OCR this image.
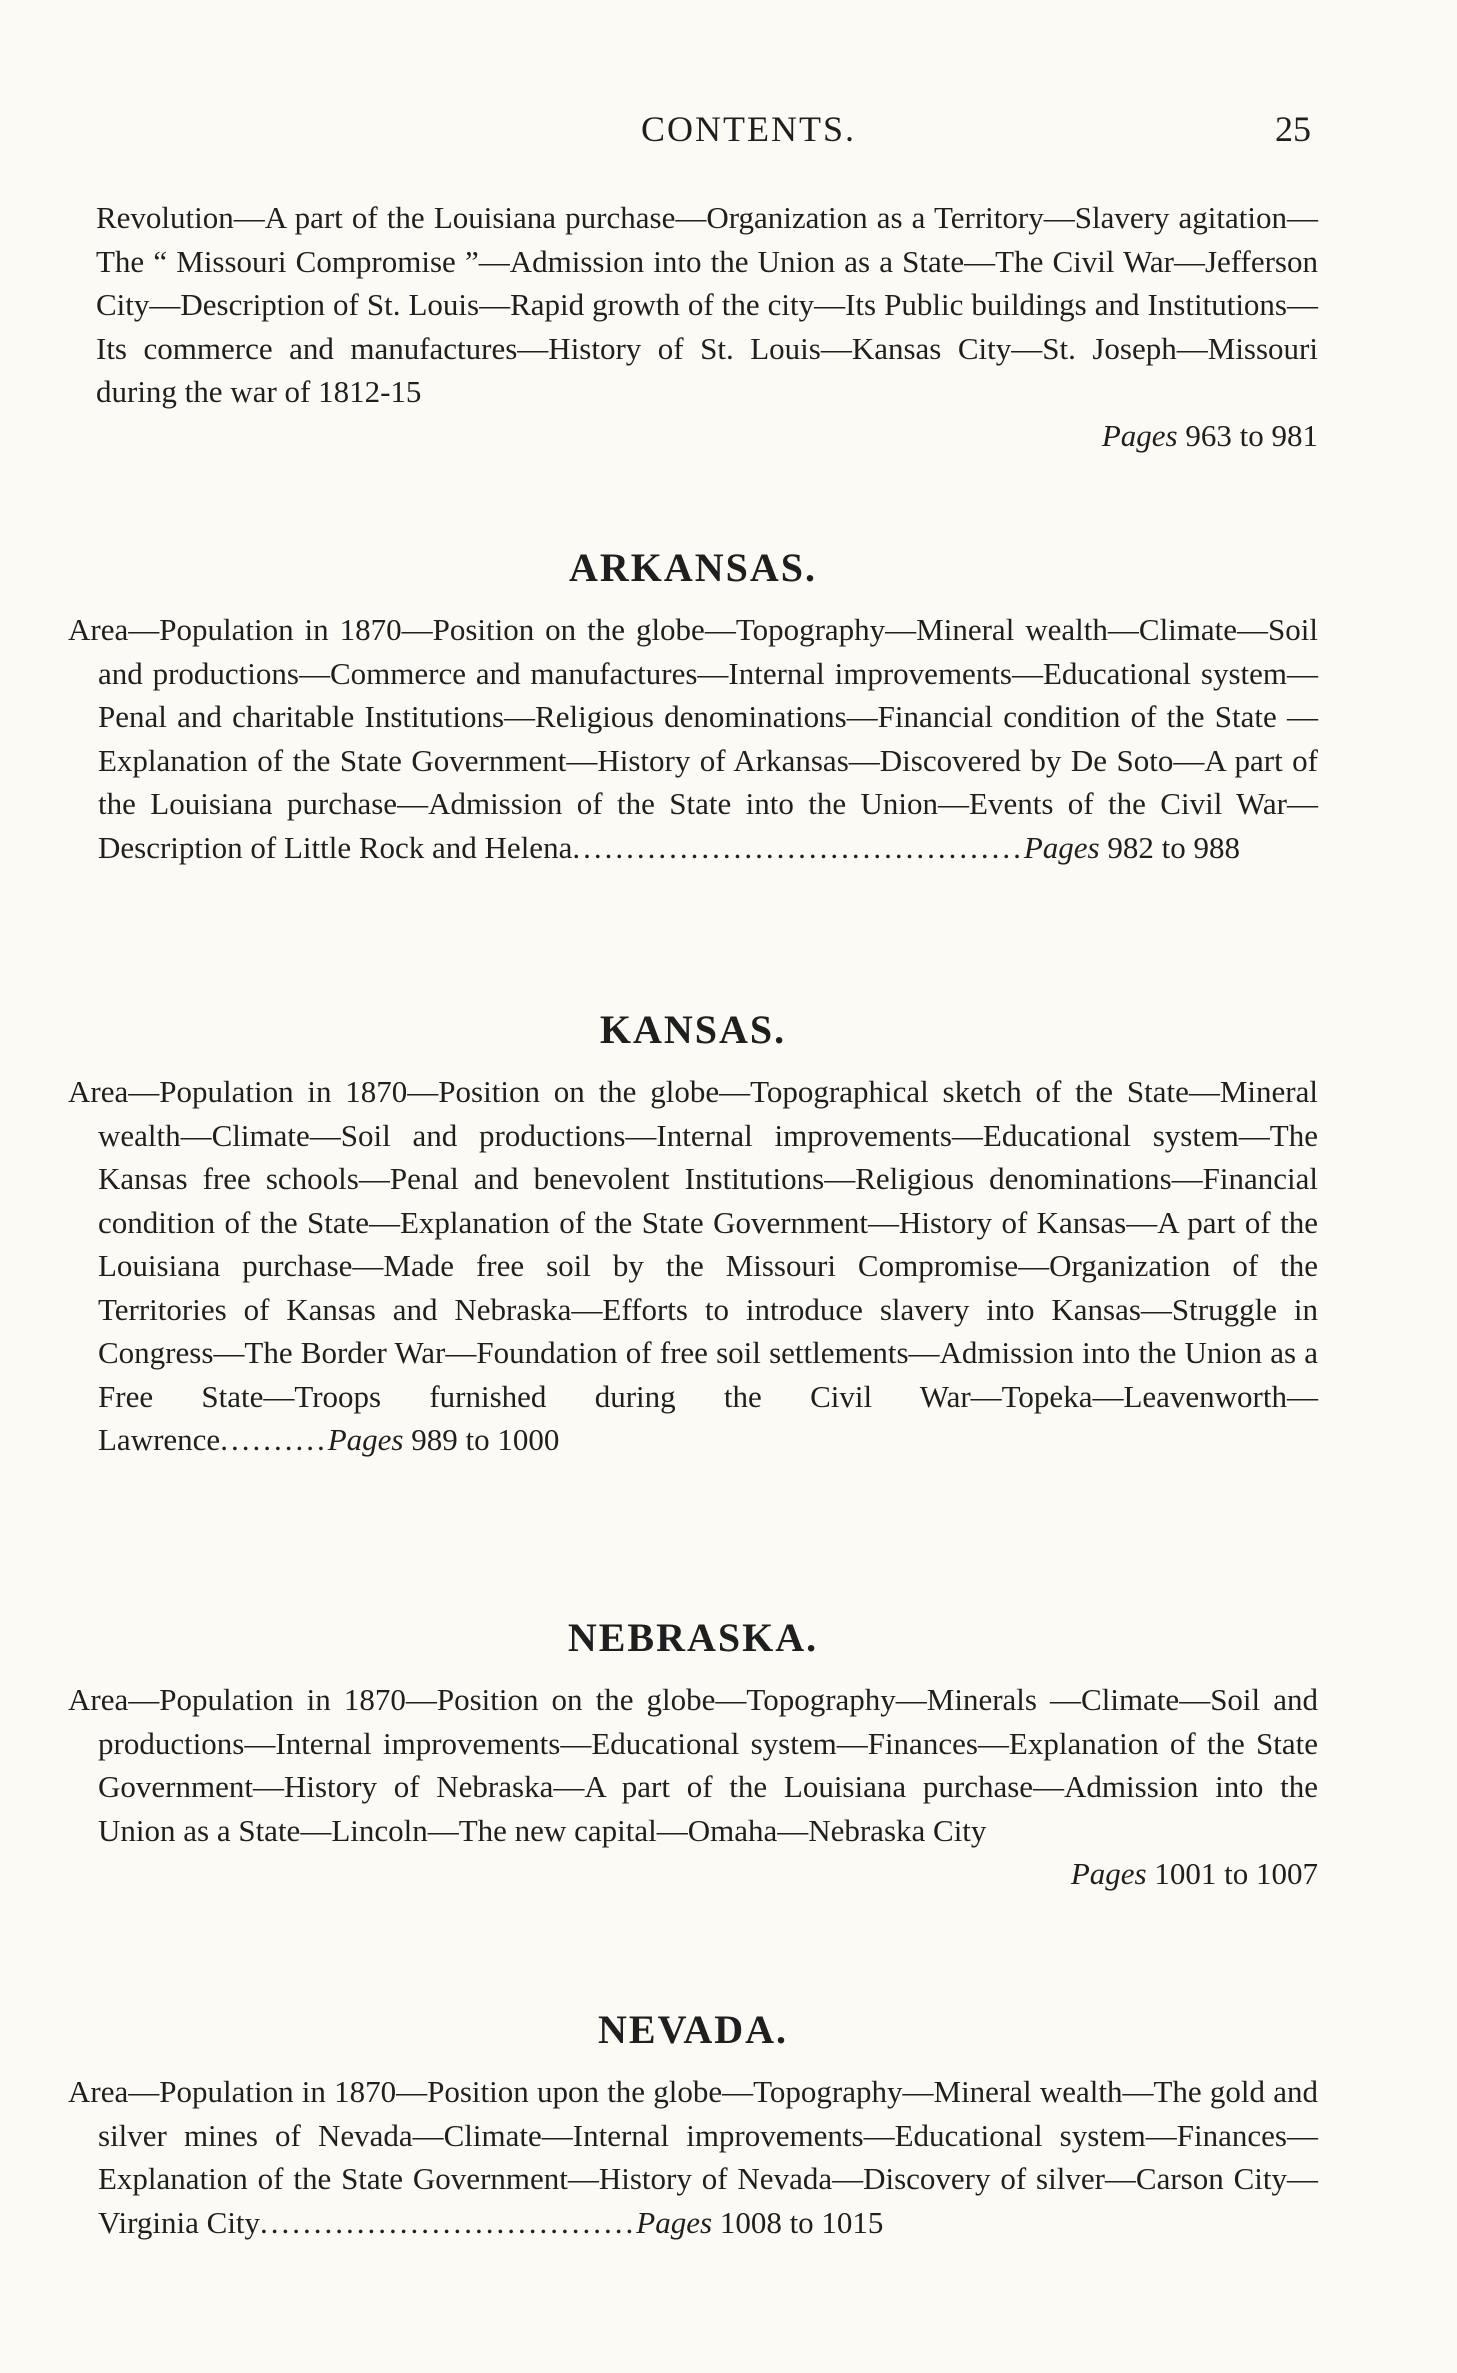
CONTENTS.	25

Revolution—A part of the Louisiana purchase—Organization as a Territory—Slavery agitation—The “ Missouri Compromise ”—Admission into the Union as a State—The Civil War—Jefferson City—Description of St. Louis—Rapid growth of the city—Its Public buildings and Institutions—Its commerce and manufactures—History of St. Louis—Kansas City—St. Joseph—Missouri during the war of 1812-15

Pages 963 to 981

ARKANSAS.

Area—Population in 1870—Position on the globe—Topography—Mineral wealth—Climate—Soil and productions—Commerce and manufactures—Internal improvements—Educational system—Penal and charitable Institutions—Religious denominations—Financial condition of the State —Explanation of the State Government—History of Arkansas—Discovered by De Soto—A part of the Louisiana purchase—Admission of the State into the Union—Events of the Civil War—Description of Little Rock and Helena..........................................Pages 982 to 988

KANSAS.

Area—Population in 1870—Position on the globe—Topographical sketch of the State—Mineral wealth—Climate—Soil and productions—Internal improvements—Educational system—The Kansas free schools—Penal and benevolent Institutions—Religious denominations—Financial condition of the State—Explanation of the State Government—History of Kansas—A part of the Louisiana purchase—Made free soil by the Missouri Compromise—Organization of the Territories of Kansas and Nebraska—Efforts to introduce slavery into Kansas—Struggle in Congress—The Border War—Foundation of free soil settlements—Admission into the Union as a Free State—Troops furnished during the Civil War—Topeka—Leavenworth—Lawrence..........Pages 989 to 1000

NEBRASKA.

Area—Population in 1870—Position on the globe—Topography—Minerals —Climate—Soil and productions—Internal improvements—Educational system—Finances—Explanation of the State Government—History of Nebraska—A part of the Louisiana purchase—Admission into the Union as a State—Lincoln—The new capital—Omaha—Nebraska City

Pages 1001 to 1007

NEVADA.

Area—Population in 1870—Position upon the globe—Topography—Mineral wealth—The gold and silver mines of Nevada—Climate—Internal improvements—Educational system—Finances—Explanation of the State Government—History of Nevada—Discovery of silver—Carson City—Virginia City...................................Pages 1008 to 1015
